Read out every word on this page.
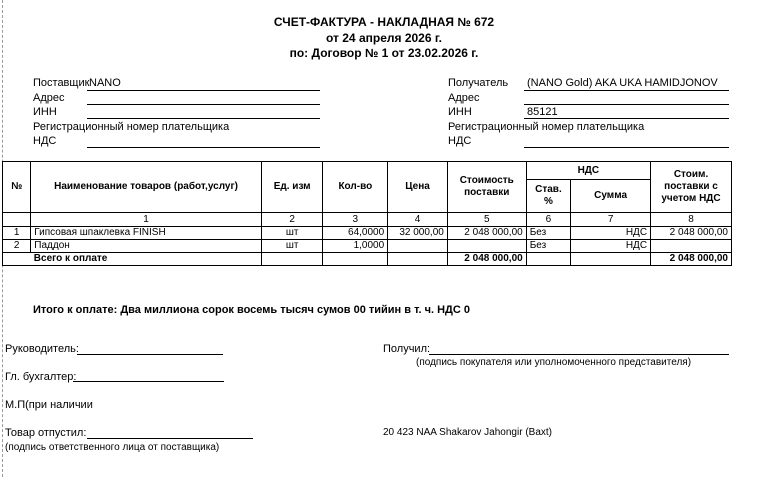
СЧЕТ-ФАКТУРА - НАКЛАДНАЯ № 672
от 24 апреля 2026 г.
по: Договор № 1 от 23.02.2026 г.
Поставщик NANO
Адрес
ИНН
Регистрационный номер плательщика
НДС
Получатель (NANO Gold) AKA UKA HAMIDJONOV
Адрес
ИНН	85121
Регистрационный номер плательщика
НДС
№	Наименование товаров (работ,услуг)	Ед. изм	Кол-во	Цена	Стоимость поставки	НДС		Стоим. поставки с учетом НДС
						Став. %	Сумма	
	1	2	3	4	5	6	7	8
1	Гипсовая шпаклевка FINISH	шт	64,0000	32 000,00	2 048 000,00	Без	НДС	2 048 000,00
2	Паддон	шт	1,0000			Без	НДС	
	Всего к оплате				2 048 000,00			2 048 000,00
Итого к оплате: Два миллиона сорок восемь тысяч сумов 00 тийин в т. ч. НДС 0
Руководитель:
Гл. бухгалтер:
М.П(при наличии
Товар отпустил:
(подпись ответственного лица от поставщика)
Получил:
(подпись покупателя или уполномоченного представителя)
20 423 NAA Shakarov Jahongir (Baxt)
